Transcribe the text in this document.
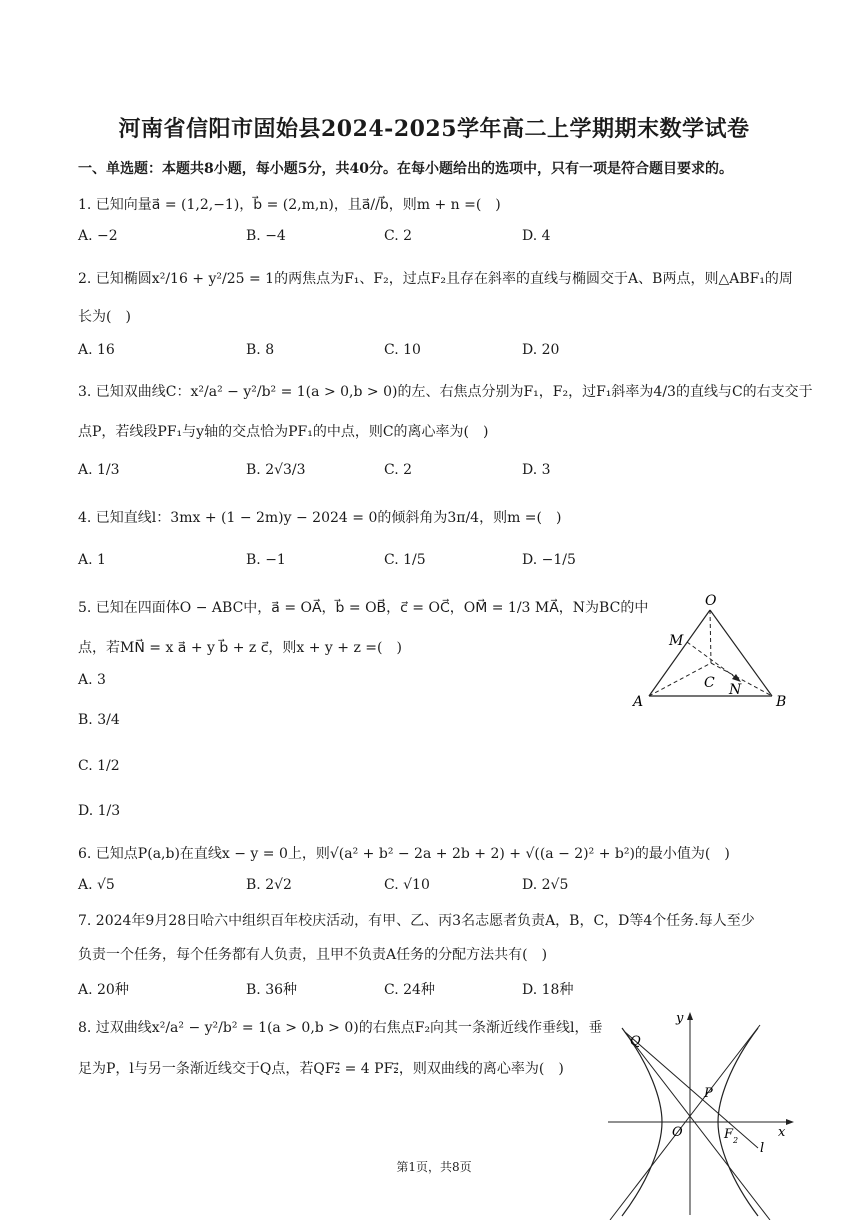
河南省信阳市固始县2024-2025学年高二上学期期末数学试卷
一、单选题：本题共8小题，每小题5分，共40分。在每小题给出的选项中，只有一项是符合题目要求的。
1. 已知向量a⃗ = (1,2,−1)，b⃗ = (2,m,n)，且a⃗//b⃗，则m + n =(　)
A. −2	B. −4	C. 2	D. 4
2. 已知椭圆x²/16 + y²/25 = 1的两焦点为F₁、F₂，过点F₂且存在斜率的直线与椭圆交于A、B两点，则△ABF₁的周
长为(　)
A. 16	B. 8	C. 10	D. 20
3. 已知双曲线C：x²/a² − y²/b² = 1(a > 0,b > 0)的左、右焦点分别为F₁，F₂，过F₁斜率为4/3的直线与C的右支交于
点P，若线段PF₁与y轴的交点恰为PF₁的中点，则C的离心率为(　)
A. 1/3	B. 2√3/3	C. 2	D. 3
4. 已知直线l：3mx + (1 − 2m)y − 2024 = 0的倾斜角为3π/4，则m =(　)
A. 1	B. −1	C. 1/5	D. −1/5
5. 已知在四面体O − ABC中，a⃗ = OA⃗，b⃗ = OB⃗，c⃗ = OC⃗，OM⃗ = 1/3 MA⃗，N为BC的中
点，若MN⃗ = x a⃗ + y b⃗ + z c⃗，则x + y + z =(　)
A. 3
B. 3/4
C. 1/2
D. 1/3
O
M
C N
A	B
6. 已知点P(a,b)在直线x − y = 0上，则√(a² + b² − 2a + 2b + 2) + √((a − 2)² + b²)的最小值为(　)
A. √5	B. 2√2	C. √10	D. 2√5
7. 2024年9月28日哈六中组织百年校庆活动，有甲、乙、丙3名志愿者负责A，B，C，D等4个任务.每人至少
负责一个任务，每个任务都有人负责，且甲不负责A任务的分配方法共有(　)
A. 20种	B. 36种	C. 24种	D. 18种
8. 过双曲线x²/a² − y²/b² = 1(a > 0,b > 0)的右焦点F₂向其一条渐近线作垂线l，垂
足为P，l与另一条渐近线交于Q点，若QF₂⃗ = 4 PF₂⃗，则双曲线的离心率为(　)
y
x
Q
P
O	F 2
l
第1页，共8页
